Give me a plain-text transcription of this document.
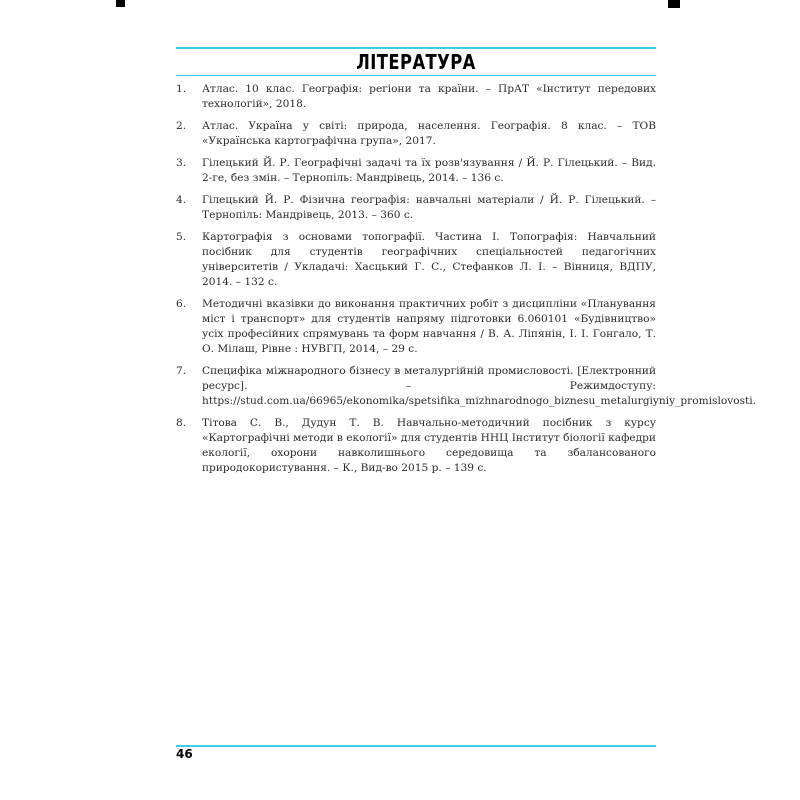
ЛІТЕРАТУРА
1.	Атлас. 10 клас. Географія: регіони та країни. – ПрАТ «Інститут передових технологій», 2018.
2.	Атлас. Україна у світі: природа, населення. Географія. 8 клас. – ТОВ «Українська картографічна група», 2017.
3.	Гілецький Й. Р. Географічні задачі та їх розв'язування / Й. Р. Гілецький. – Вид. 2-ге, без змін. – Тернопіль: Мандрівець, 2014. – 136 с.
4.	Гілецький Й. Р. Фізична географія: навчальні матеріали / Й. Р. Гілецький. – Тернопіль: Мандрівець, 2013. – 360 с.
5.	Картографія з основами топографії. Частина І. Топографія: Навчальний посібник для студентів географічних спеціальностей педагогічних університетів / Укладачі: Хасцький Г. С., Стефанков Л. І. – Вінниця, ВДПУ, 2014. – 132 с.
6.	Методичні вказівки до виконання практичних робіт з дисципліни «Планування міст і транспорт» для студентів напряму підготовки 6.060101 «Будівництво» усіх професійних спрямувань та форм навчання / В. А. Ліпянін, І. І. Гонгало, Т. О. Мілаш, Рівне : НУВГП, 2014, – 29 с.
7.	Специфіка міжнародного бізнесу в металургійній промисловості. [Електронний ресурс]. – Режимдоступу: https://stud.com.ua/66965/ekonomika/spetsifika_mizhnarodnogo_biznesu_metalurgiyniy_promislovosti.
8.	Тітова С. В., Дудун Т. В. Навчально-методичний посібник з курсу «Картографічні методи в екології» для студентів ННЦ Інститут біології кафедри екології, охорони навколишнього середовища та збалансованого природокористування. – К., Вид-во 2015 р. – 139 с.
46
